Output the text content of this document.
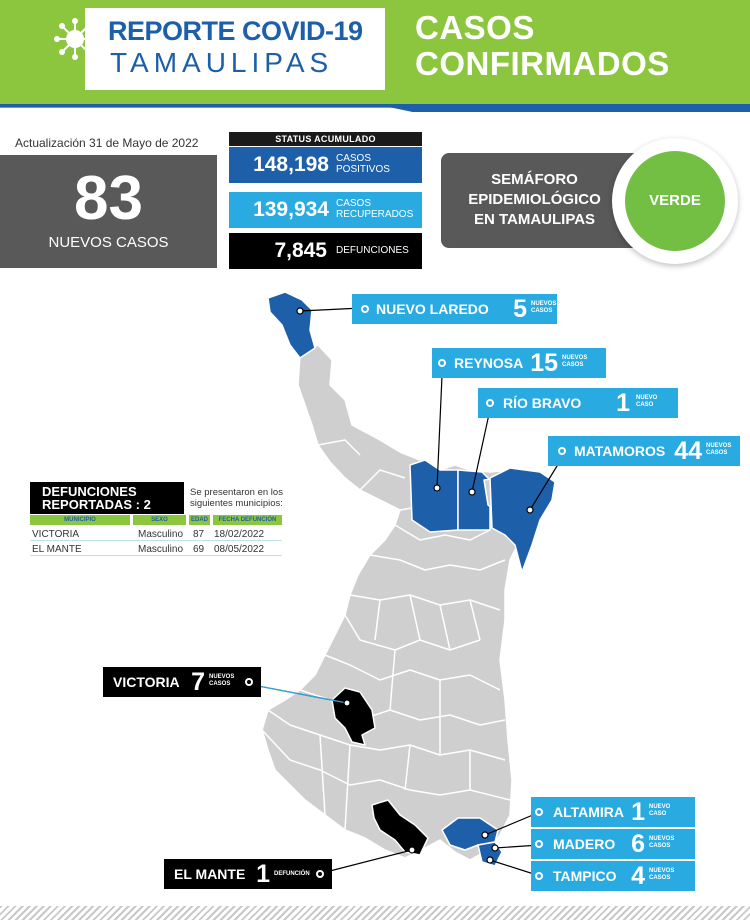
REPORTE COVID-19
TAMAULIPAS
CASOS
CONFIRMADOS
Actualización 31 de Mayo de 2022
83
NUEVOS CASOS
STATUS ACUMULADO
148,198 CASOS
POSITIVOS
139,934 CASOS
RECUPERADOS
7,845 DEFUNCIONES
SEMÁFORO
EPIDEMIOLÓGICO
EN TAMAULIPAS
VERDE
NUEVO LAREDO 5 NUEVOS
CASOS
REYNOSA 15 NUEVOS
CASOS
RÍO BRAVO	1 NUEVO
CASO
MATAMOROS 44 NUEVOS
CASOS
VICTORIA 7 NUEVOS
CASOS
ALTAMIRA 1 NUEVO
CASO
MADERO 6 NUEVOS
CASOS
TAMPICO 4 NUEVOS
CASOS
EL MANTE 1 DEFUNCIÓN
DEFUNCIONES
REPORTADAS : 2
Se presentaron en los
siguientes municipios:
MUNICIPIO	SEXO	EDAD	FECHA DEFUNCIÓN
VICTORIA	Masculino 87 18/02/2022
EL MANTE	Masculino 69 08/05/2022
